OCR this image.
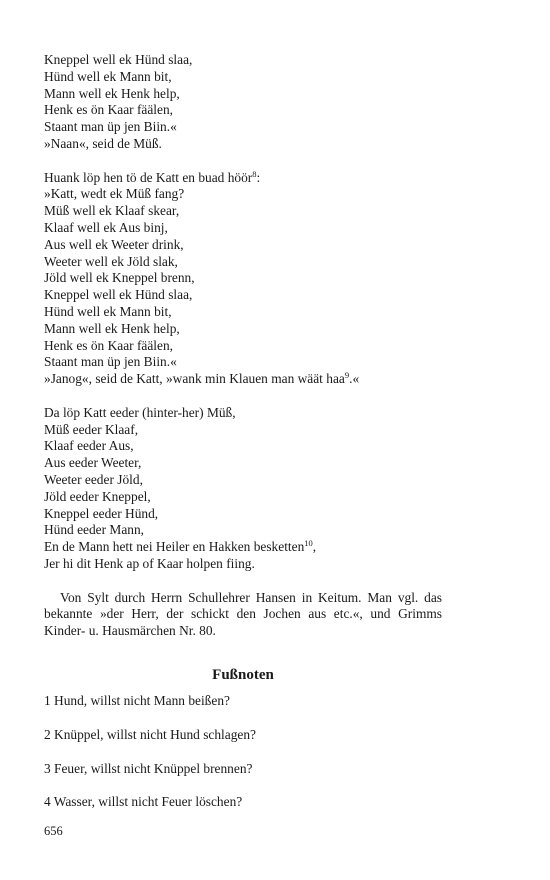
Kneppel well ek Hünd slaa,
Hünd well ek Mann bit,
Mann well ek Henk help,
Henk es ön Kaar fäälen,
Staant man üp jen Biin.«
»Naan«, seid de Müß.
Huank löp hen tö de Katt en buad höör$^8$:
»Katt, wedt ek Müß fang?
Müß well ek Klaaf skear,
Klaaf well ek Aus binj,
Aus well ek Weeter drink,
Weeter well ek Jöld slak,
Jöld well ek Kneppel brenn,
Kneppel well ek Hünd slaa,
Hünd well ek Mann bit,
Mann well ek Henk help,
Henk es ön Kaar fäälen,
Staant man üp jen Biin.«
»Janog«, seid de Katt, »wank min Klauen man wäät haa$^9$.«
Da löp Katt eeder (hinter-her) Müß,
Müß eeder Klaaf,
Klaaf eeder Aus,
Aus eeder Weeter,
Weeter eeder Jöld,
Jöld eeder Kneppel,
Kneppel eeder Hünd,
Hünd eeder Mann,
En de Mann hett nei Heiler en Hakken besketten$^{10}$,
Jer hi dit Henk ap of Kaar holpen fiing.

Von Sylt durch Herrn Schullehrer Hansen in Keitum. Man vgl. das bekannte »der Herr, der schickt den Jochen aus etc.«, und Grimms Kinder- u. Hausmärchen Nr. 80.

Fußnoten
1 Hund, willst nicht Mann beißen?
2 Knüppel, willst nicht Hund schlagen?
3 Feuer, willst nicht Knüppel brennen?
4 Wasser, willst nicht Feuer löschen?
656
